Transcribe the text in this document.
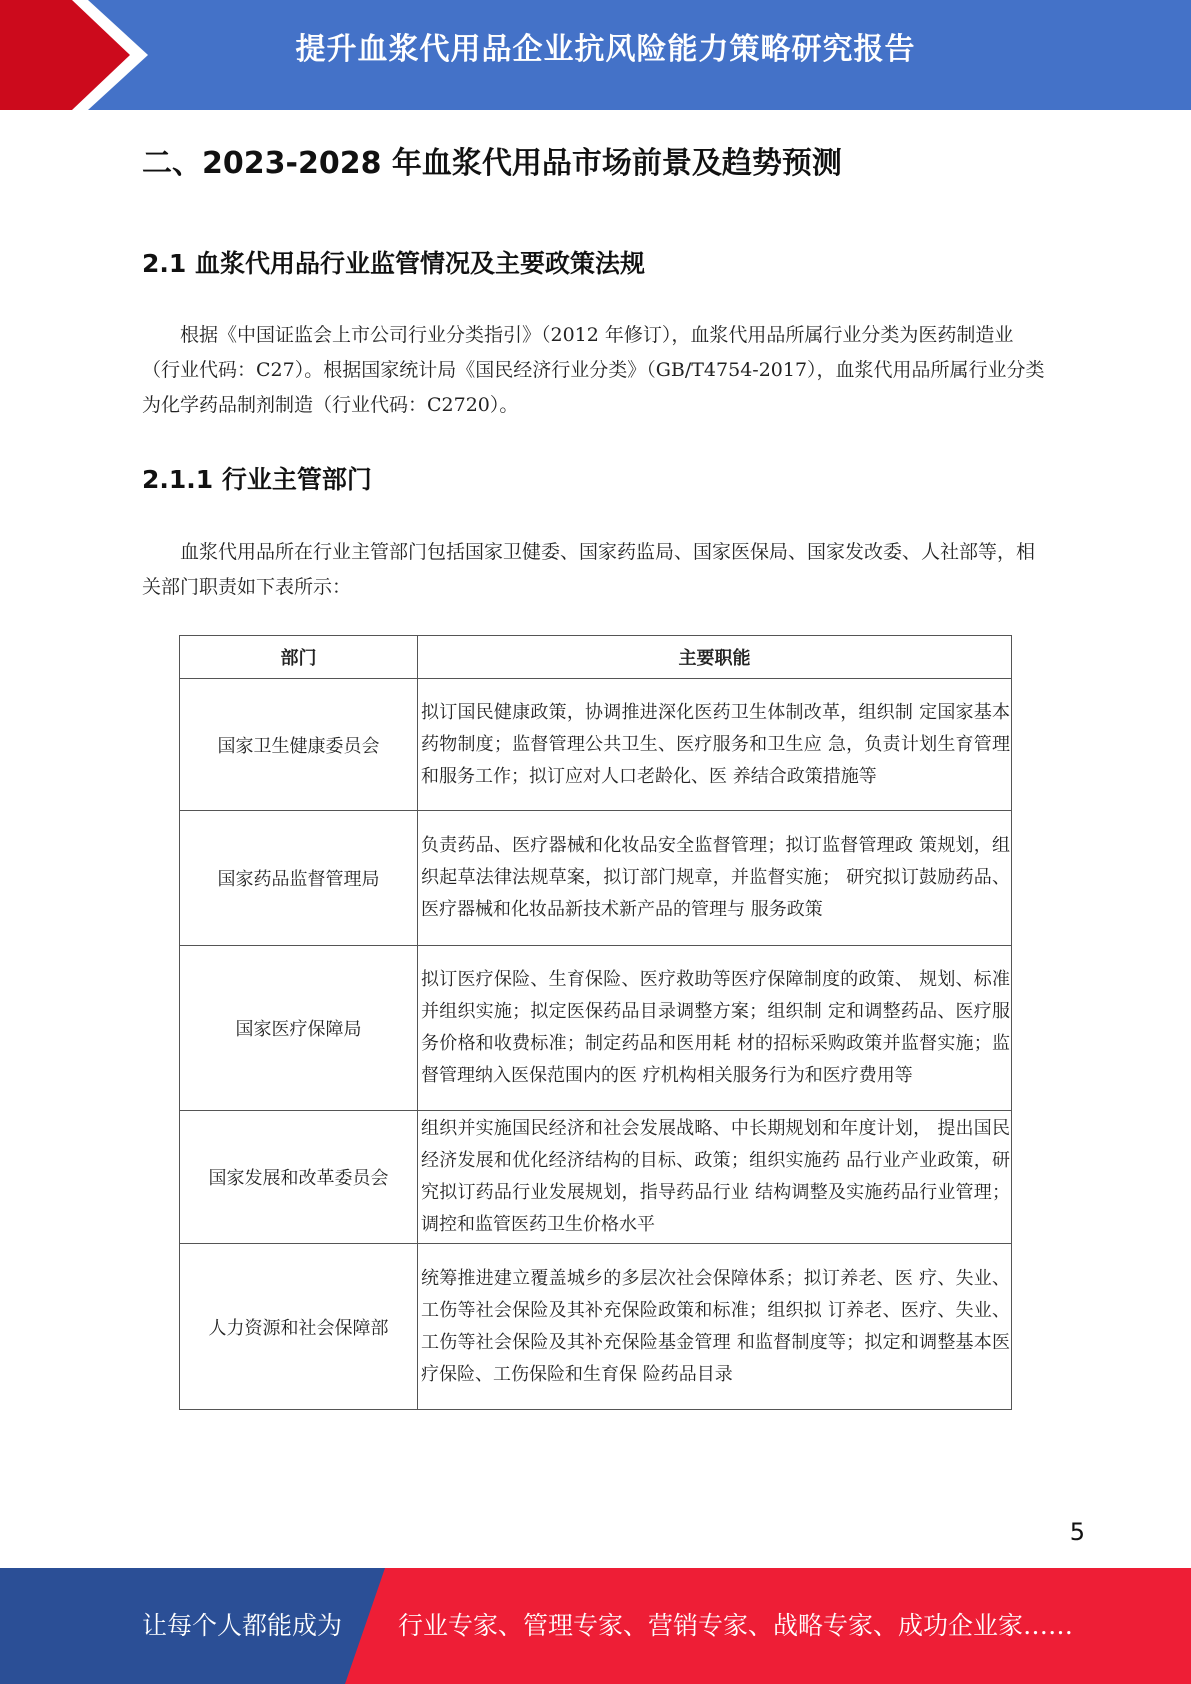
提升血浆代用品企业抗风险能力策略研究报告
二、2023-2028 年血浆代用品市场前景及趋势预测
2.1 血浆代用品行业监管情况及主要政策法规

根据《中国证监会上市公司行业分类指引》（2012 年修订），血浆代用品所属行业分类为医药制造业（行业代码：C27）。根据国家统计局《国民经济行业分类》（GB/T4754-2017），血浆代用品所属行业分类为化学药品制剂制造（行业代码：C2720）。

2.1.1 行业主管部门

血浆代用品所在行业主管部门包括国家卫健委、国家药监局、国家医保局、国家发改委、人社部等，相关部门职责如下表所示：

部门	主要职能
国家卫生健康委员会	拟订国民健康政策，协调推进深化医药卫生体制改革，组织制 定国家基本药物制度；监督管理公共卫生、医疗服务和卫生应 急，负责计划生育管理和服务工作；拟订应对人口老龄化、医 养结合政策措施等
国家药品监督管理局	负责药品、医疗器械和化妆品安全监督管理；拟订监督管理政 策规划，组织起草法律法规草案，拟订部门规章，并监督实施； 研究拟订鼓励药品、医疗器械和化妆品新技术新产品的管理与 服务政策
国家医疗保障局	拟订医疗保险、生育保险、医疗救助等医疗保障制度的政策、 规划、标准并组织实施；拟定医保药品目录调整方案；组织制 定和调整药品、医疗服务价格和收费标准；制定药品和医用耗 材的招标采购政策并监督实施；监督管理纳入医保范围内的医 疗机构相关服务行为和医疗费用等
国家发展和改革委员会	组织并实施国民经济和社会发展战略、中长期规划和年度计划， 提出国民经济发展和优化经济结构的目标、政策；组织实施药 品行业产业政策，研究拟订药品行业发展规划，指导药品行业 结构调整及实施药品行业管理；调控和监管医药卫生价格水平
人力资源和社会保障部	统筹推进建立覆盖城乡的多层次社会保障体系；拟订养老、医 疗、失业、工伤等社会保险及其补充保险政策和标准；组织拟 订养老、医疗、失业、工伤等社会保险及其补充保险基金管理 和监督制度等；拟定和调整基本医疗保险、工伤保险和生育保 险药品目录
5
让每个人都能成为 行业专家、管理专家、营销专家、战略专家、成功企业家……
